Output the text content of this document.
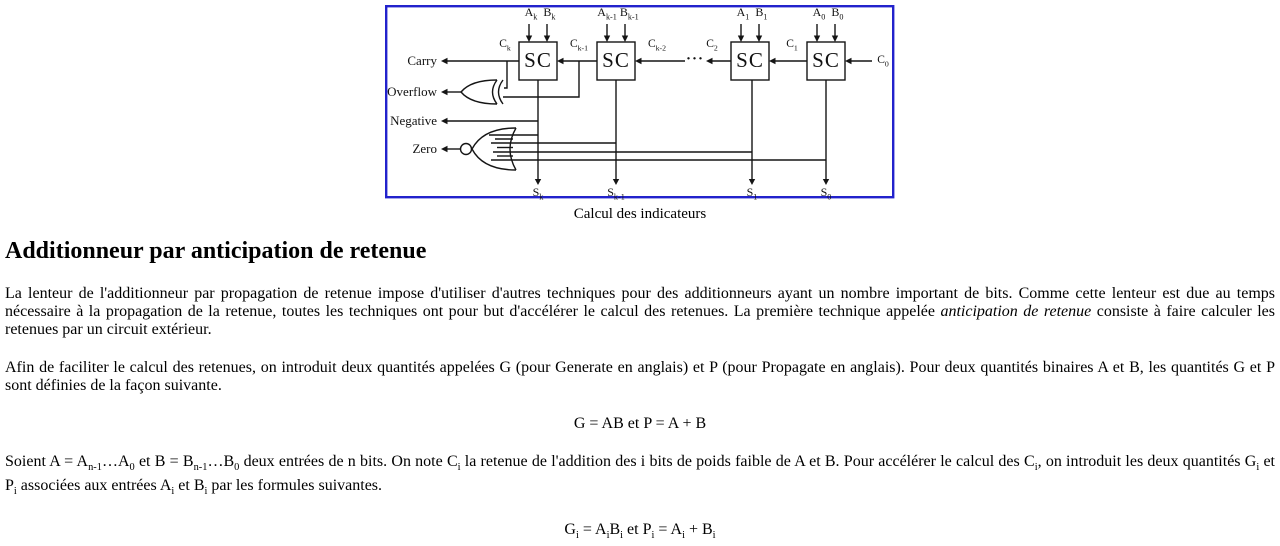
$A_k$ $B_k$	$A_{k-1}$ $B_{k-1}$	$A_1$ $B_1$	$A_0$ $B_0$
$C_k$	$C_{k-1}$	$C_{k-2}$	$C_2$	$C_1$
$C_0$
···
SC SC	SC SC
Carry
Overflow
Negative
Zero
$S_k$	$S_{k-1}$	$S_1$	$S_0$
Calcul des indicateurs
Additionneur par anticipation de retenue

La lenteur de l'additionneur par propagation de retenue impose d'utiliser d'autres techniques pour des additionneurs ayant un nombre important de bits. Comme cette lenteur est due au temps nécessaire à la propagation de la retenue, toutes les techniques ont pour but d'accélérer le calcul des retenues. La première technique appelée anticipation de retenue consiste à faire calculer les retenues par un circuit extérieur.

Afin de faciliter le calcul des retenues, on introduit deux quantités appelées G (pour Generate en anglais) et P (pour Propagate en anglais). Pour deux quantités binaires A et B, les quantités G et P sont définies de la façon suivante.

G = AB et P = A + B

Soient $A = A_{n-1}\dots A_0$ et $B = B_{n-1}\dots B_0$ deux entrées de n bits. On note $C_i$ la retenue de l'addition des i bits de poids faible de A et B. Pour accélérer le calcul des $C_i$, on introduit les deux quantités $G_i$ et $P_i$ associées aux entrées $A_i$ et $B_i$ par les formules suivantes.

$G_i = A_iB_i$ et $P_i = A_i + B_i$
